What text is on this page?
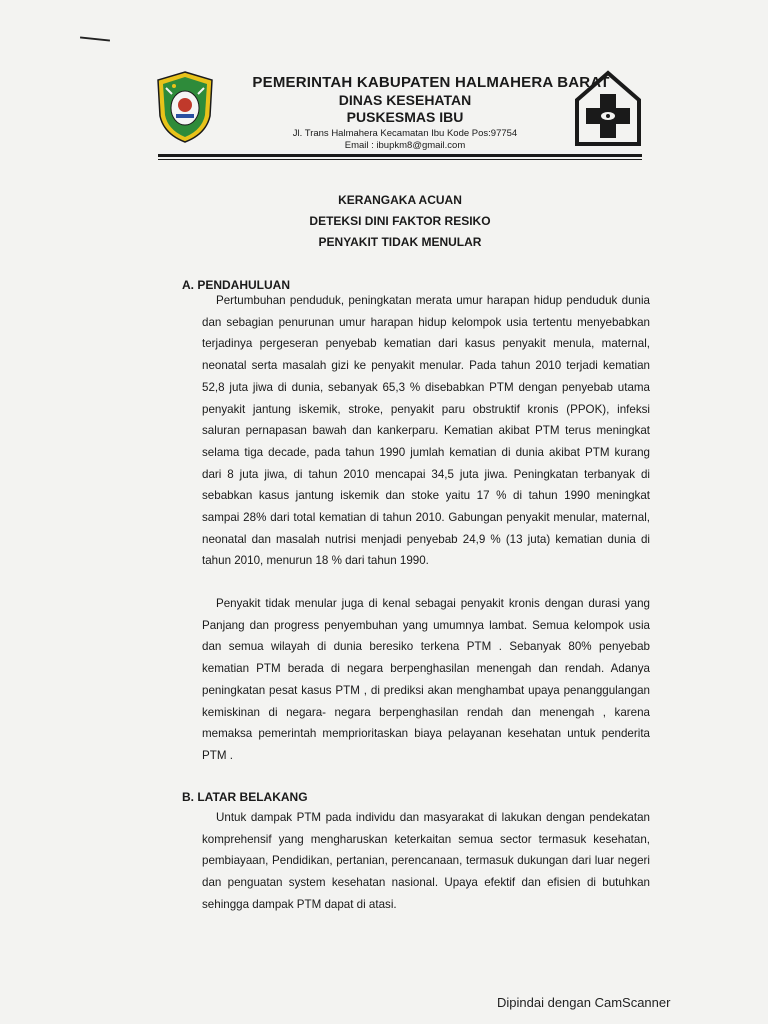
PEMERINTAH KABUPATEN HALMAHERA BARAT
DINAS KESEHATAN
PUSKESMAS IBU
Jl. Trans Halmahera Kecamatan Ibu Kode Pos:97754
Email : ibupkm8@gmail.com
KERANGAKA ACUAN
DETEKSI DINI FAKTOR RESIKO
PENYAKIT TIDAK MENULAR
A. PENDAHULUAN
Pertumbuhan penduduk, peningkatan merata umur harapan hidup penduduk dunia dan sebagian penurunan umur harapan hidup kelompok usia tertentu menyebabkan terjadinya pergeseran penyebab kematian dari kasus penyakit menula, maternal, neonatal serta masalah gizi ke penyakit menular. Pada tahun 2010 terjadi kematian 52,8 juta jiwa di dunia, sebanyak 65,3 % disebabkan PTM dengan penyebab utama penyakit jantung iskemik, stroke, penyakit paru obstruktif kronis (PPOK), infeksi saluran pernapasan bawah dan kankerparu. Kematian akibat PTM terus meningkat selama tiga decade, pada tahun 1990 jumlah kematian di dunia akibat PTM kurang dari 8 juta jiwa, di tahun 2010 mencapai 34,5 juta jiwa. Peningkatan terbanyak di sebabkan kasus jantung iskemik dan stoke yaitu 17 % di tahun 1990 meningkat sampai 28% dari total kematian di tahun 2010. Gabungan penyakit menular, maternal, neonatal dan masalah nutrisi menjadi penyebab 24,9 % (13 juta) kematian dunia di tahun 2010, menurun 18 % dari tahun 1990.
Penyakit tidak menular juga di kenal sebagai penyakit kronis dengan durasi yang Panjang dan progress penyembuhan yang umumnya lambat. Semua kelompok usia dan semua wilayah di dunia beresiko terkena PTM . Sebanyak 80% penyebab kematian PTM berada di negara berpenghasilan menengah dan rendah. Adanya peningkatan pesat kasus PTM , di prediksi akan menghambat upaya penanggulangan kemiskinan di negara- negara berpenghasilan rendah dan menengah , karena memaksa pemerintah memprioritaskan biaya pelayanan kesehatan untuk penderita PTM .
B. LATAR BELAKANG
Untuk dampak PTM pada individu dan masyarakat di lakukan dengan pendekatan komprehensif yang mengharuskan keterkaitan semua sector termasuk kesehatan, pembiayaan, Pendidikan, pertanian, perencanaan, termasuk dukungan dari luar negeri dan penguatan system kesehatan nasional. Upaya efektif dan efisien di butuhkan sehingga dampak PTM dapat di atasi.
Dipindai dengan CamScanner
